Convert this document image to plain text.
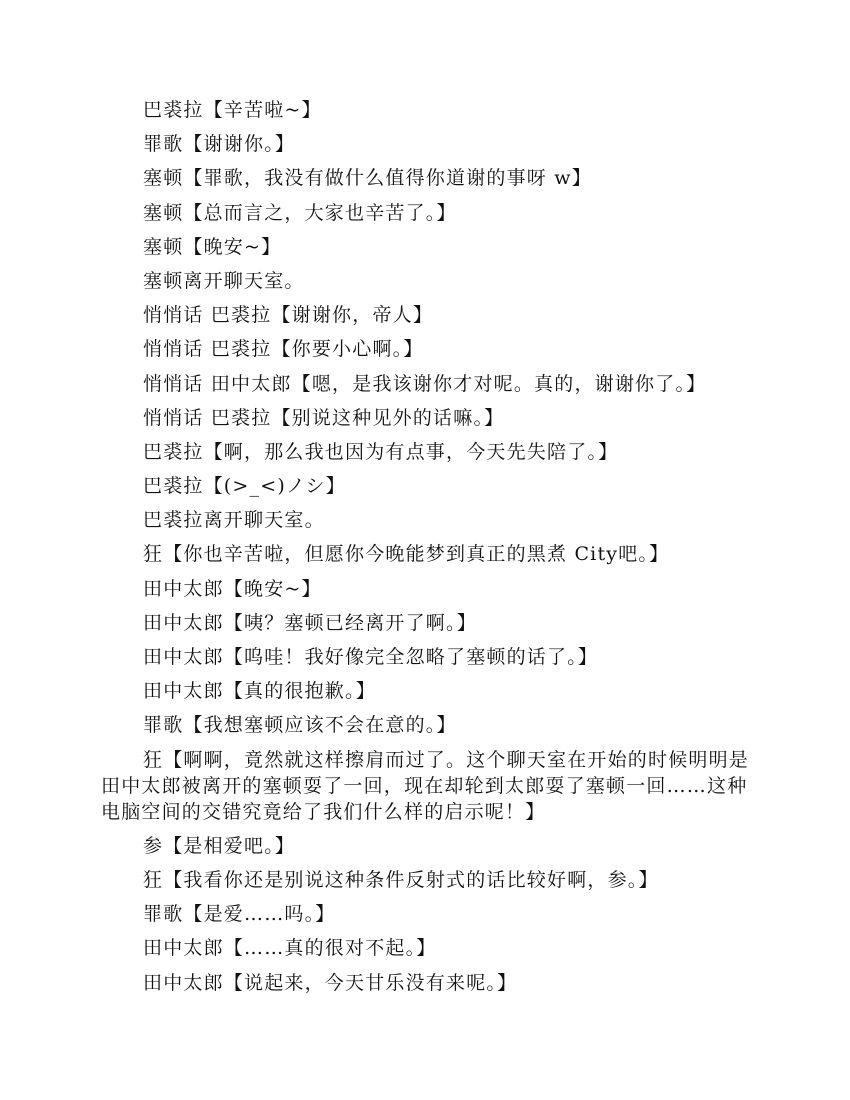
巴裘拉【辛苦啦~】

罪歌【谢谢你。】

塞顿【罪歌，我没有做什么值得你道谢的事呀 w】

塞顿【总而言之，大家也辛苦了。】

塞顿【晚安~】

塞顿离开聊天室。

悄悄话 巴裘拉【谢谢你，帝人】

悄悄话 巴裘拉【你要小心啊。】

悄悄话 田中太郎【嗯，是我该谢你才对呢。真的，谢谢你了。】

悄悄话 巴裘拉【别说这种见外的话嘛。】

巴裘拉【啊，那么我也因为有点事，今天先失陪了。】

巴裘拉【(>_<)ノシ】

巴裘拉离开聊天室。

狂【你也辛苦啦，但愿你今晚能梦到真正的黑煮 City吧。】

田中太郎【晚安~】

田中太郎【咦？塞顿已经离开了啊。】

田中太郎【呜哇！我好像完全忽略了塞顿的话了。】

田中太郎【真的很抱歉。】

罪歌【我想塞顿应该不会在意的。】

狂【啊啊，竟然就这样擦肩而过了。这个聊天室在开始的时候明明是田中太郎被离开的塞顿耍了一回，现在却轮到太郎耍了塞顿一回……这种电脑空间的交错究竟给了我们什么样的启示呢！】

参【是相爱吧。】

狂【我看你还是别说这种条件反射式的话比较好啊，参。】

罪歌【是爱……吗。】

田中太郎【……真的很对不起。】

田中太郎【说起来，今天甘乐没有来呢。】
